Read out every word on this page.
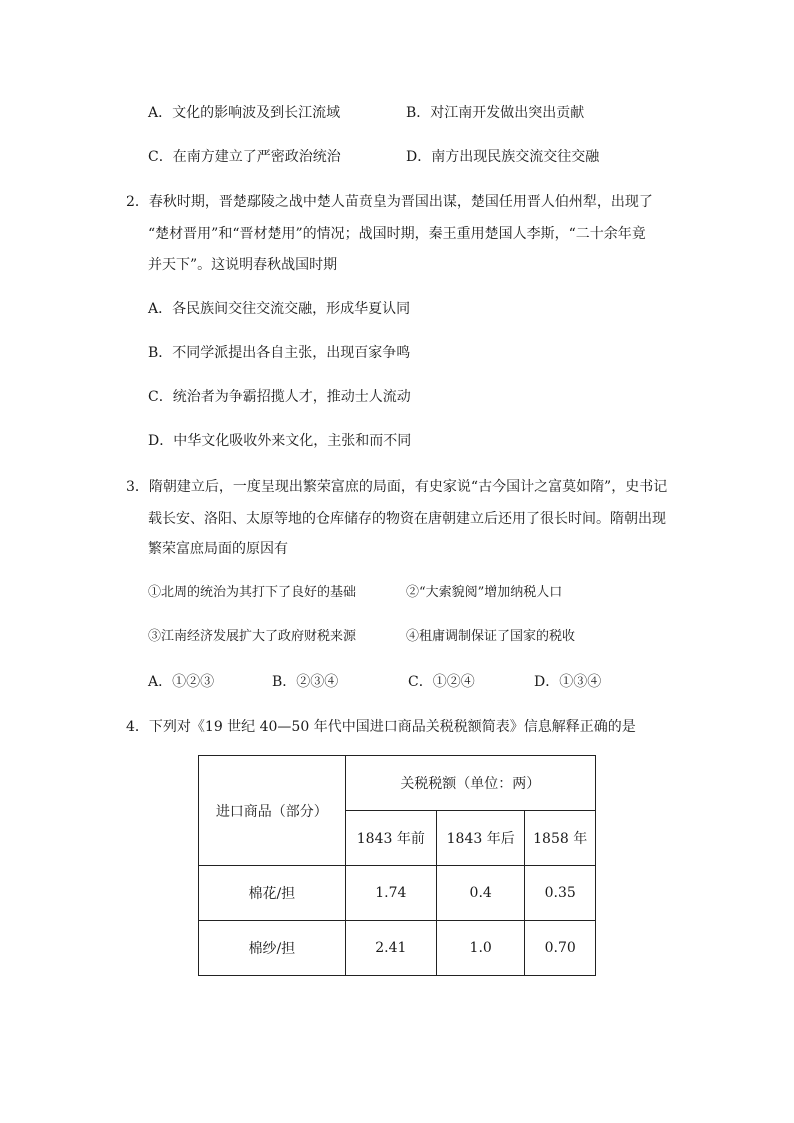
A．文化的影响波及到长江流域	B．对江南开发做出突出贡献
C．在南方建立了严密政治统治	D．南方出现民族交流交往交融
2．春秋时期，晋楚鄢陵之战中楚人苗贲皇为晋国出谋，楚国任用晋人伯州犁，出现了
“楚材晋用”和“晋材楚用”的情况；战国时期，秦王重用楚国人李斯，“二十余年竟
并天下”。这说明春秋战国时期
A．各民族间交往交流交融，形成华夏认同
B．不同学派提出各自主张，出现百家争鸣
C．统治者为争霸招揽人才，推动士人流动
D．中华文化吸收外来文化，主张和而不同
3．隋朝建立后，一度呈现出繁荣富庶的局面，有史家说“古今国计之富莫如隋”，史书记
载长安、洛阳、太原等地的仓库储存的物资在唐朝建立后还用了很长时间。隋朝出现
繁荣富庶局面的原因有
①北周的统治为其打下了良好的基础	②“大索貌阅”增加纳税人口
③江南经济发展扩大了政府财税来源	④租庸调制保证了国家的税收
A．①②③	B．②③④	C．①②④	D．①③④
4．下列对《19 世纪 40—50 年代中国进口商品关税税额简表》信息解释正确的是
进口商品（部分）	关税税额（单位：两）		
	1843 年前	1843 年后	1858 年
棉花/担	1.74	0.4	0.35
棉纱/担	2.41	1.0	0.70
